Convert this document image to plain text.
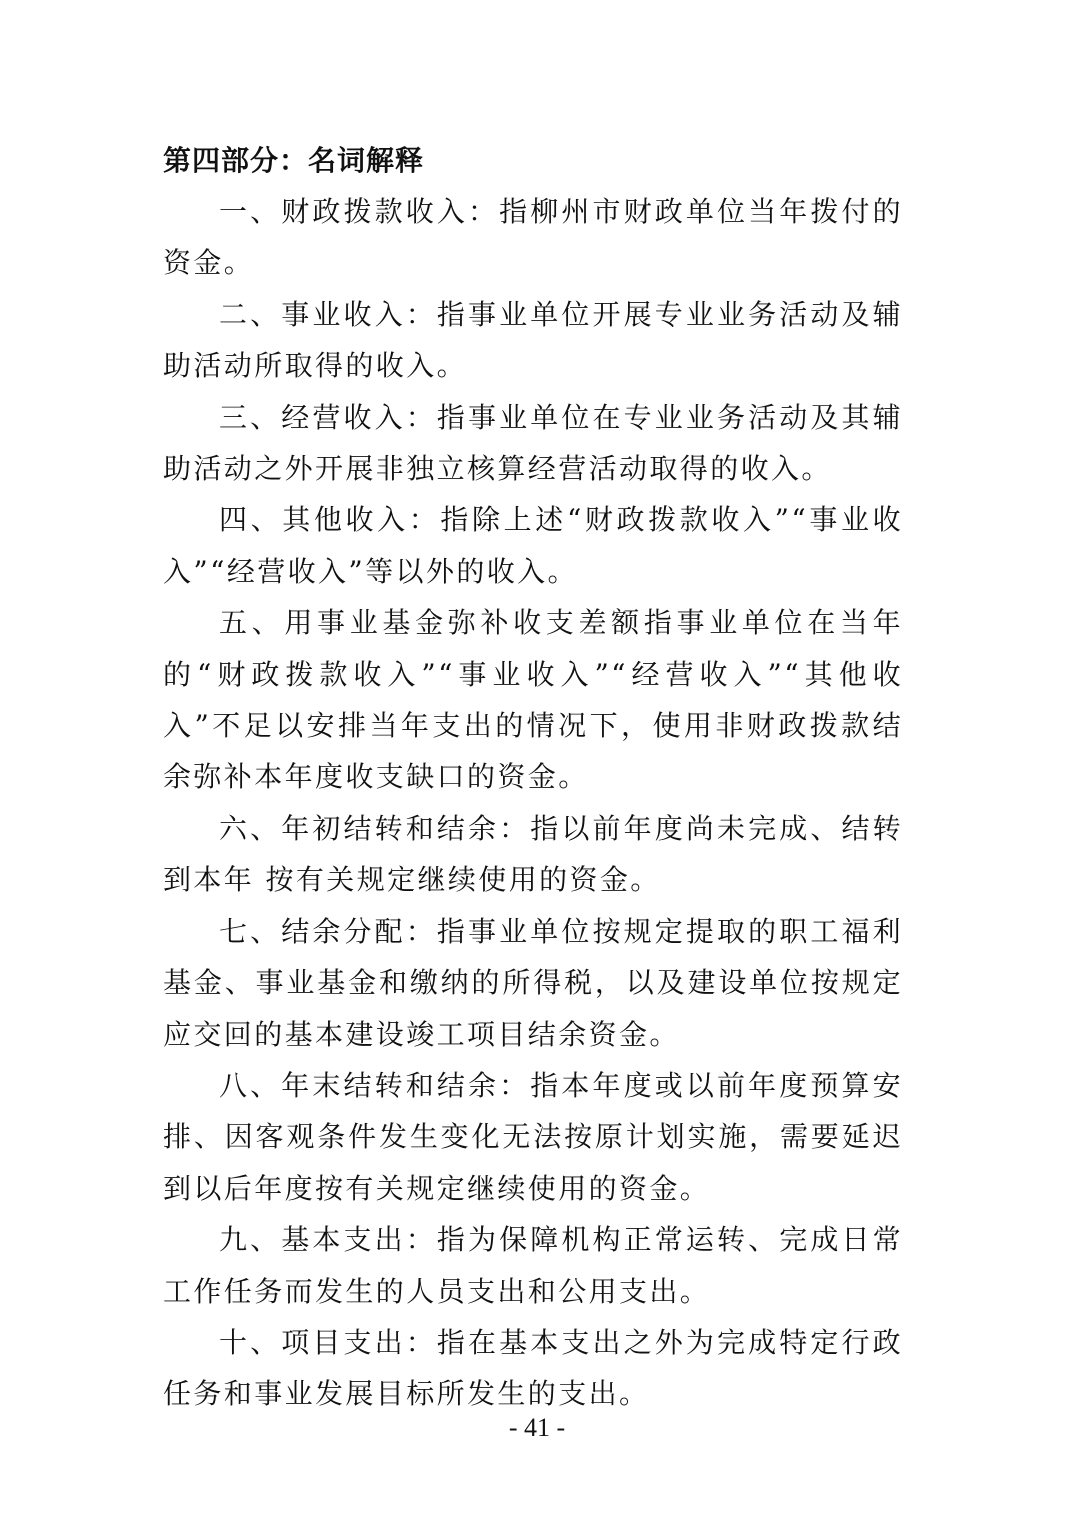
第四部分：名词解释

一、财政拨款收入：指柳州市财政单位当年拨付的资金。

二、事业收入：指事业单位开展专业业务活动及辅助活动所取得的收入。

三、经营收入：指事业单位在专业业务活动及其辅助活动之外开展非独立核算经营活动取得的收入。

四、其他收入：指除上述“财政拨款收入”“事业收入”“经营收入”等以外的收入。

五、用事业基金弥补收支差额指事业单位在当年的“财政拨款收入”“事业收入”“经营收入”“其他收入”不足以安排当年支出的情况下，使用非财政拨款结余弥补本年度收支缺口的资金。

六、年初结转和结余：指以前年度尚未完成、结转到本年 按有关规定继续使用的资金。

七、结余分配：指事业单位按规定提取的职工福利基金、事业基金和缴纳的所得税，以及建设单位按规定应交回的基本建设竣工项目结余资金。

八、年末结转和结余：指本年度或以前年度预算安排、因客观条件发生变化无法按原计划实施，需要延迟到以后年度按有关规定继续使用的资金。

九、基本支出：指为保障机构正常运转、完成日常工作任务而发生的人员支出和公用支出。

十、项目支出：指在基本支出之外为完成特定行政任务和事业发展目标所发生的支出。

- 41 -
